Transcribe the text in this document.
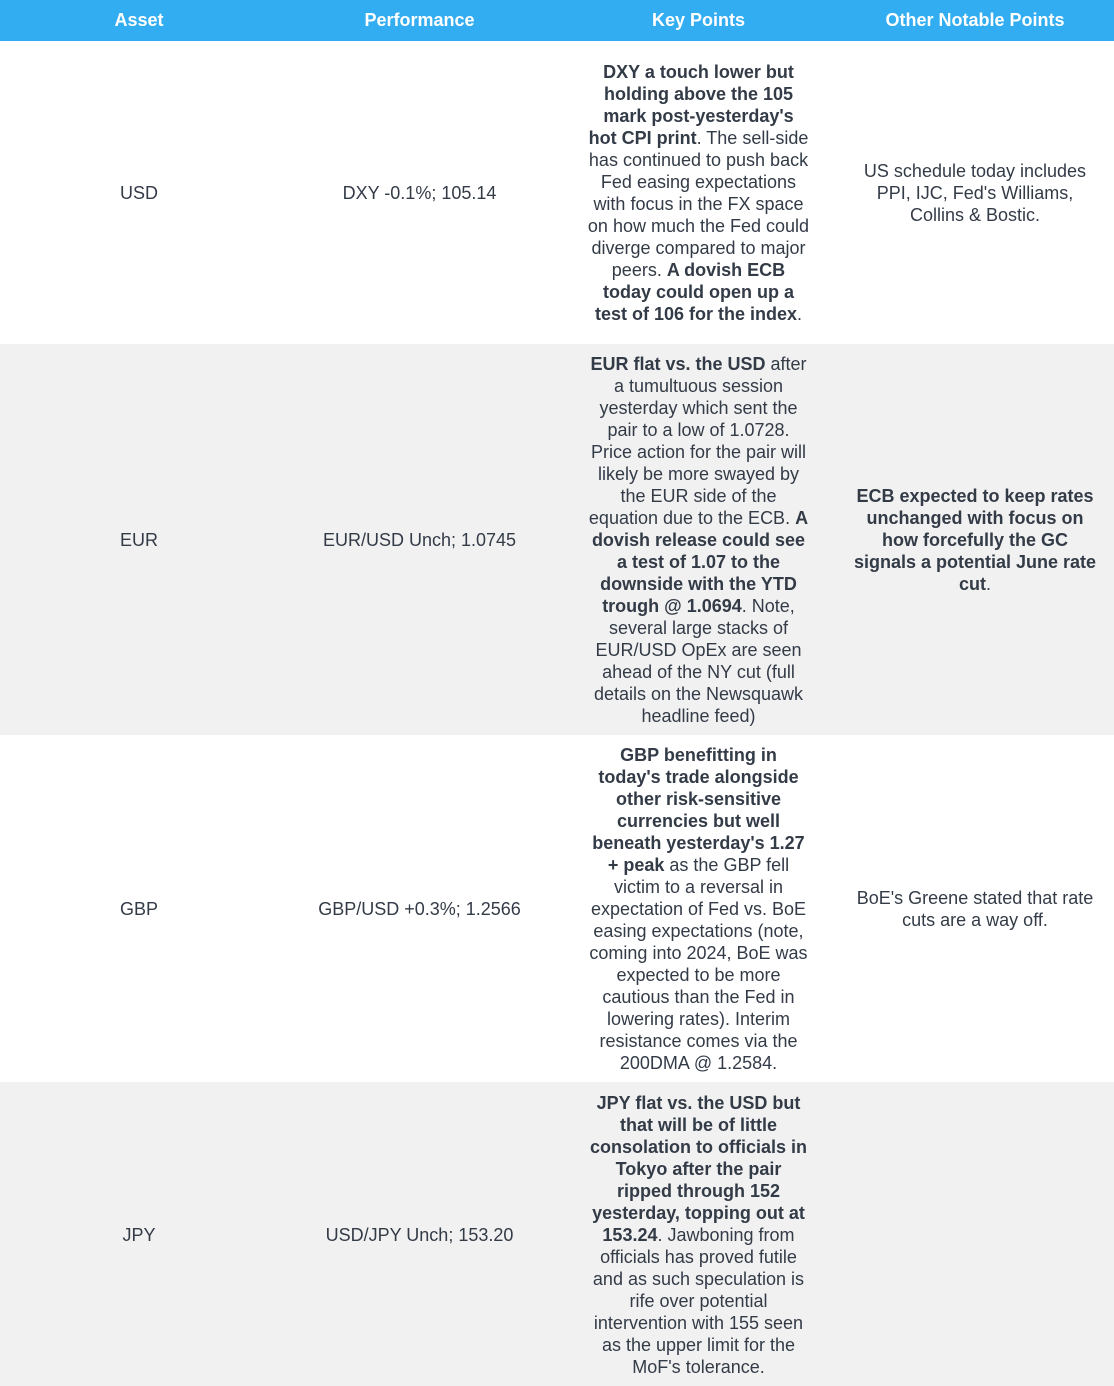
Asset	Performance	Key Points	Other Notable Points
USD	DXY -0.1%; 105.14	DXY a touch lower but holding above the 105 mark post-yesterday's hot CPI print. The sell-side has continued to push back Fed easing expectations with focus in the FX space on how much the Fed could diverge compared to major peers. A dovish ECB today could open up a test of 106 for the index.	US schedule today includes PPI, IJC, Fed's Williams, Collins & Bostic.
EUR	EUR/USD Unch; 1.0745	EUR flat vs. the USD after a tumultuous session yesterday which sent the pair to a low of 1.0728. Price action for the pair will likely be more swayed by the EUR side of the equation due to the ECB. A dovish release could see a test of 1.07 to the downside with the YTD trough @ 1.0694. Note, several large stacks of EUR/USD OpEx are seen ahead of the NY cut (full details on the Newsquawk headline feed)	ECB expected to keep rates unchanged with focus on how forcefully the GC signals a potential June rate cut.
GBP	GBP/USD +0.3%; 1.2566	GBP benefitting in today's trade alongside other risk-sensitive currencies but well beneath yesterday's 1.27 + peak as the GBP fell victim to a reversal in expectation of Fed vs. BoE easing expectations (note, coming into 2024, BoE was expected to be more cautious than the Fed in lowering rates). Interim resistance comes via the 200DMA @ 1.2584.	BoE's Greene stated that rate cuts are a way off.
JPY	USD/JPY Unch; 153.20	JPY flat vs. the USD but that will be of little consolation to officials in Tokyo after the pair ripped through 152 yesterday, topping out at 153.24. Jawboning from officials has proved futile and as such speculation is rife over potential intervention with 155 seen as the upper limit for the MoF's tolerance.	
